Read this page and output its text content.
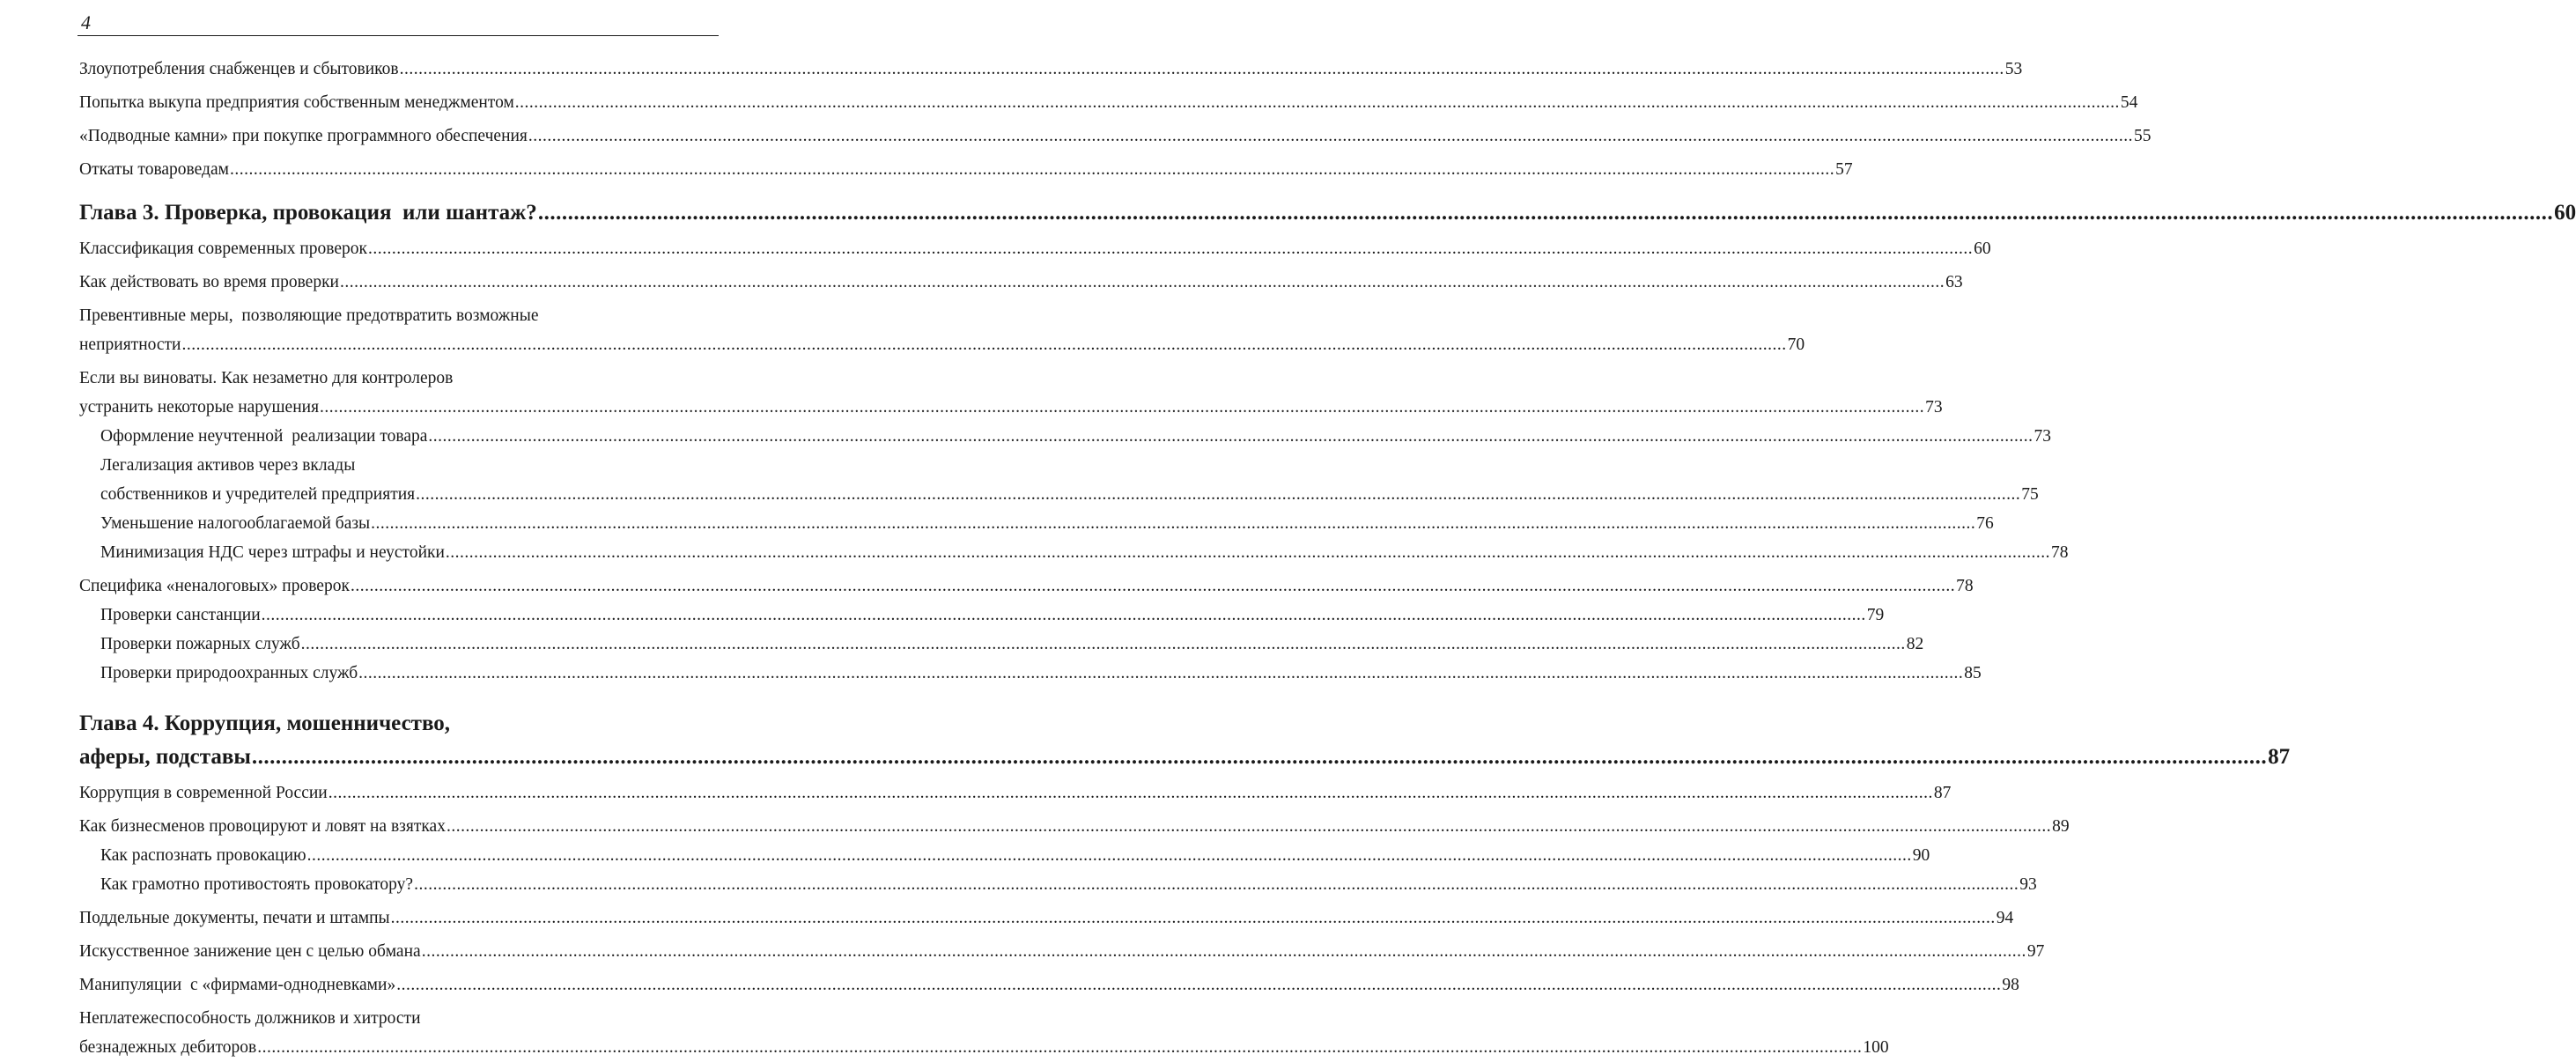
4
Злоупотребления снабженцев и сбытовиков .....	53
Попытка выкупа предприятия собственным менеджментом .....	54
«Подводные камни» при покупке программного обеспечения .....	55
Откаты товароведам .....	57
Глава 3. Проверка, провокация  или шантаж? .....	60
Классификация современных проверок .....	60
Как действовать во время проверки .....	63
Превентивные меры,  позволяющие предотвратить возможные
неприятности .....	70
Если вы виноваты. Как незаметно для контролеров
устранить некоторые нарушения .....	73
Оформление неучтенной  реализации товара .....	73
Легализация активов через вклады
собственников и учредителей предприятия .....	75
Уменьшение налогооблагаемой базы .....	76
Минимизация НДС через штрафы и неустойки .....	78
Специфика «неналоговых» проверок .....	78
Проверки санстанции .....	79
Проверки пожарных служб .....	82
Проверки природоохранных служб .....	85
Глава 4. Коррупция, мошенничество,
аферы, подставы .....	87
Коррупция в современной России .....	87
Как бизнесменов провоцируют и ловят на взятках .....	89
Как распознать провокацию .....	90
Как грамотно противостоять провокатору? .....	93
Поддельные документы, печати и штампы .....	94
Искусственное занижение цен с целью обмана .....	97
Манипуляции  с «фирмами-однодневками» .....	98
Неплатежеспособность должников и хитрости
безнадежных дебиторов .....	100
